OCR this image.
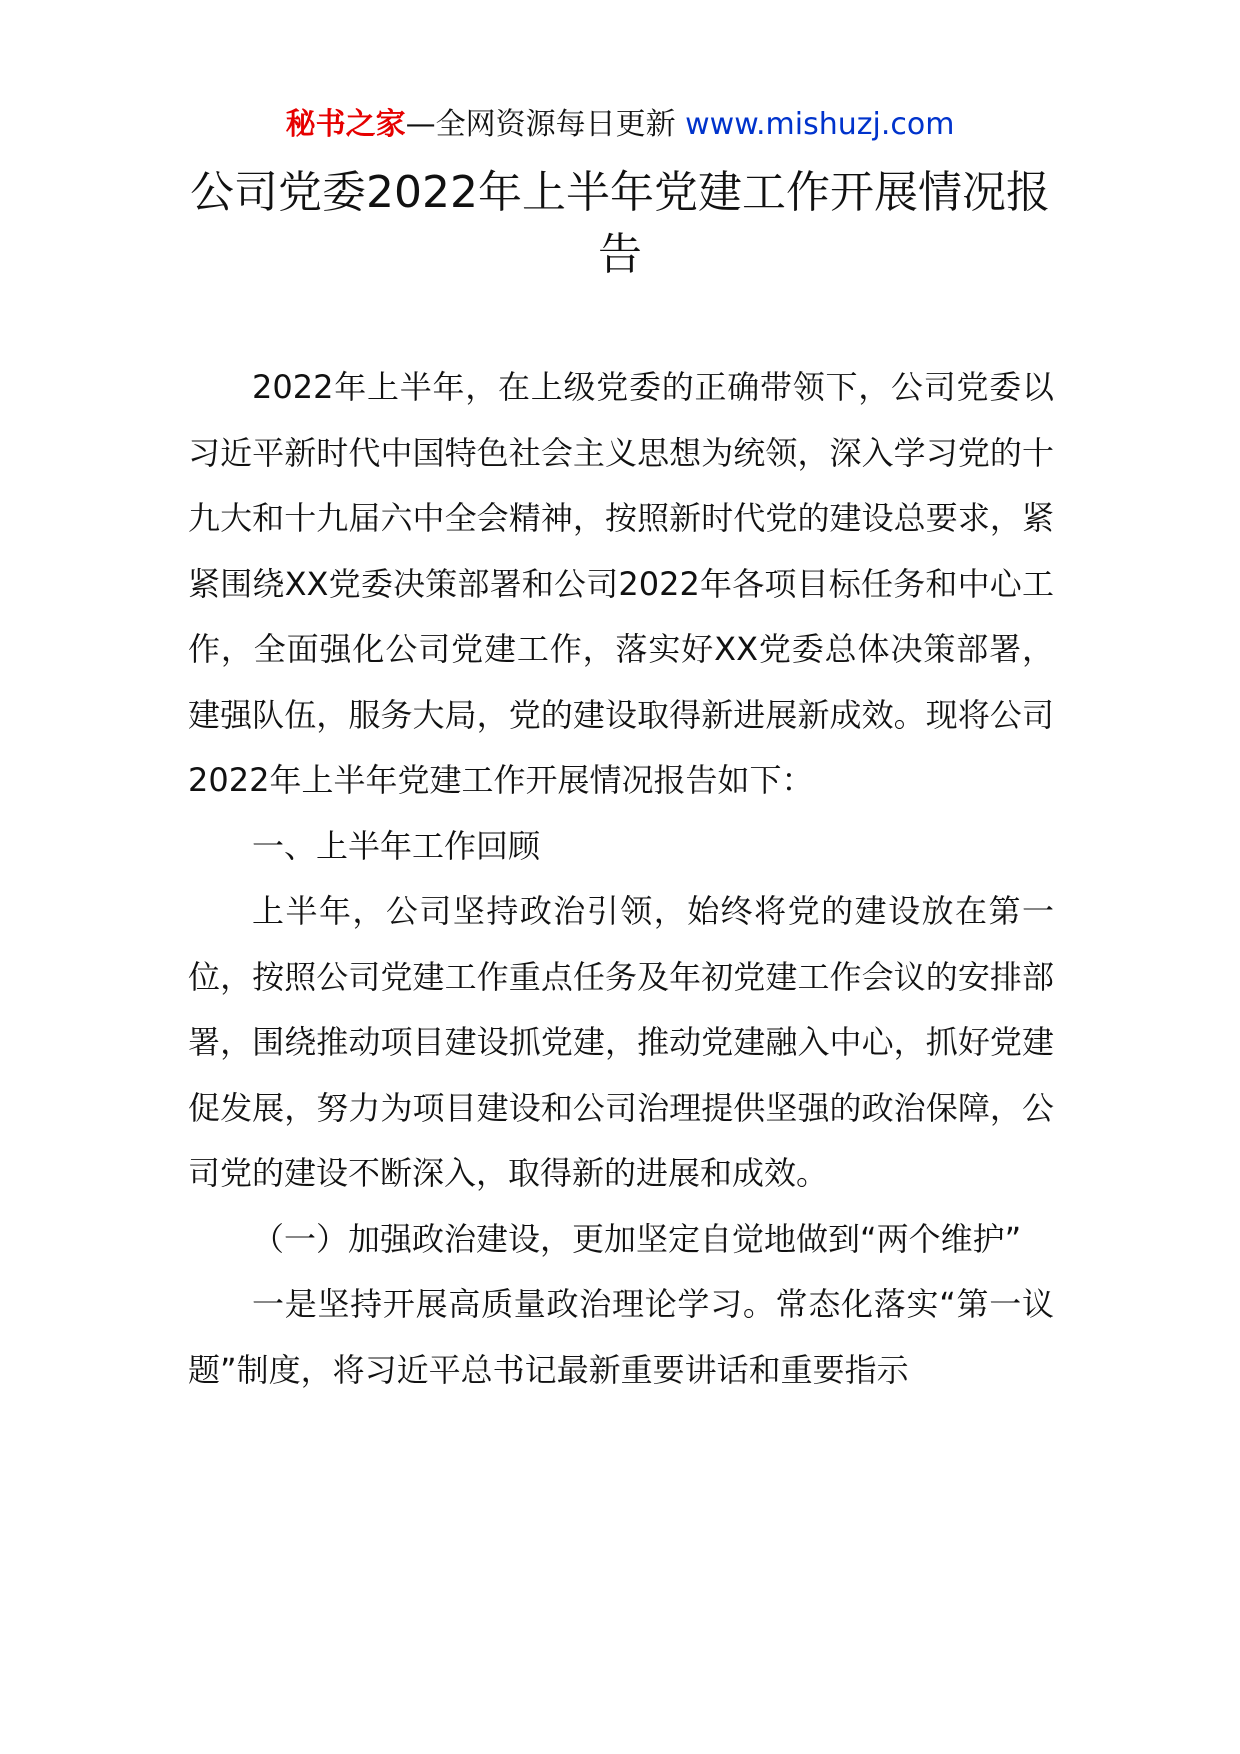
秘书之家—全网资源每日更新 www.mishuzj.com
公司党委2022年上半年党建工作开展情况报告

2022年上半年，在上级党委的正确带领下，公司党委以习近平新时代中国特色社会主义思想为统领，深入学习党的十九大和十九届六中全会精神，按照新时代党的建设总要求，紧紧围绕XX党委决策部署和公司2022年各项目标任务和中心工作，全面强化公司党建工作，落实好XX党委总体决策部署，建强队伍，服务大局，党的建设取得新进展新成效。现将公司2022年上半年党建工作开展情况报告如下：

一、上半年工作回顾

上半年，公司坚持政治引领，始终将党的建设放在第一位，按照公司党建工作重点任务及年初党建工作会议的安排部署，围绕推动项目建设抓党建，推动党建融入中心，抓好党建促发展，努力为项目建设和公司治理提供坚强的政治保障，公司党的建设不断深入，取得新的进展和成效。

（一）加强政治建设，更加坚定自觉地做到“两个维护”

一是坚持开展高质量政治理论学习。常态化落实“第一议题”制度，将习近平总书记最新重要讲话和重要指示
